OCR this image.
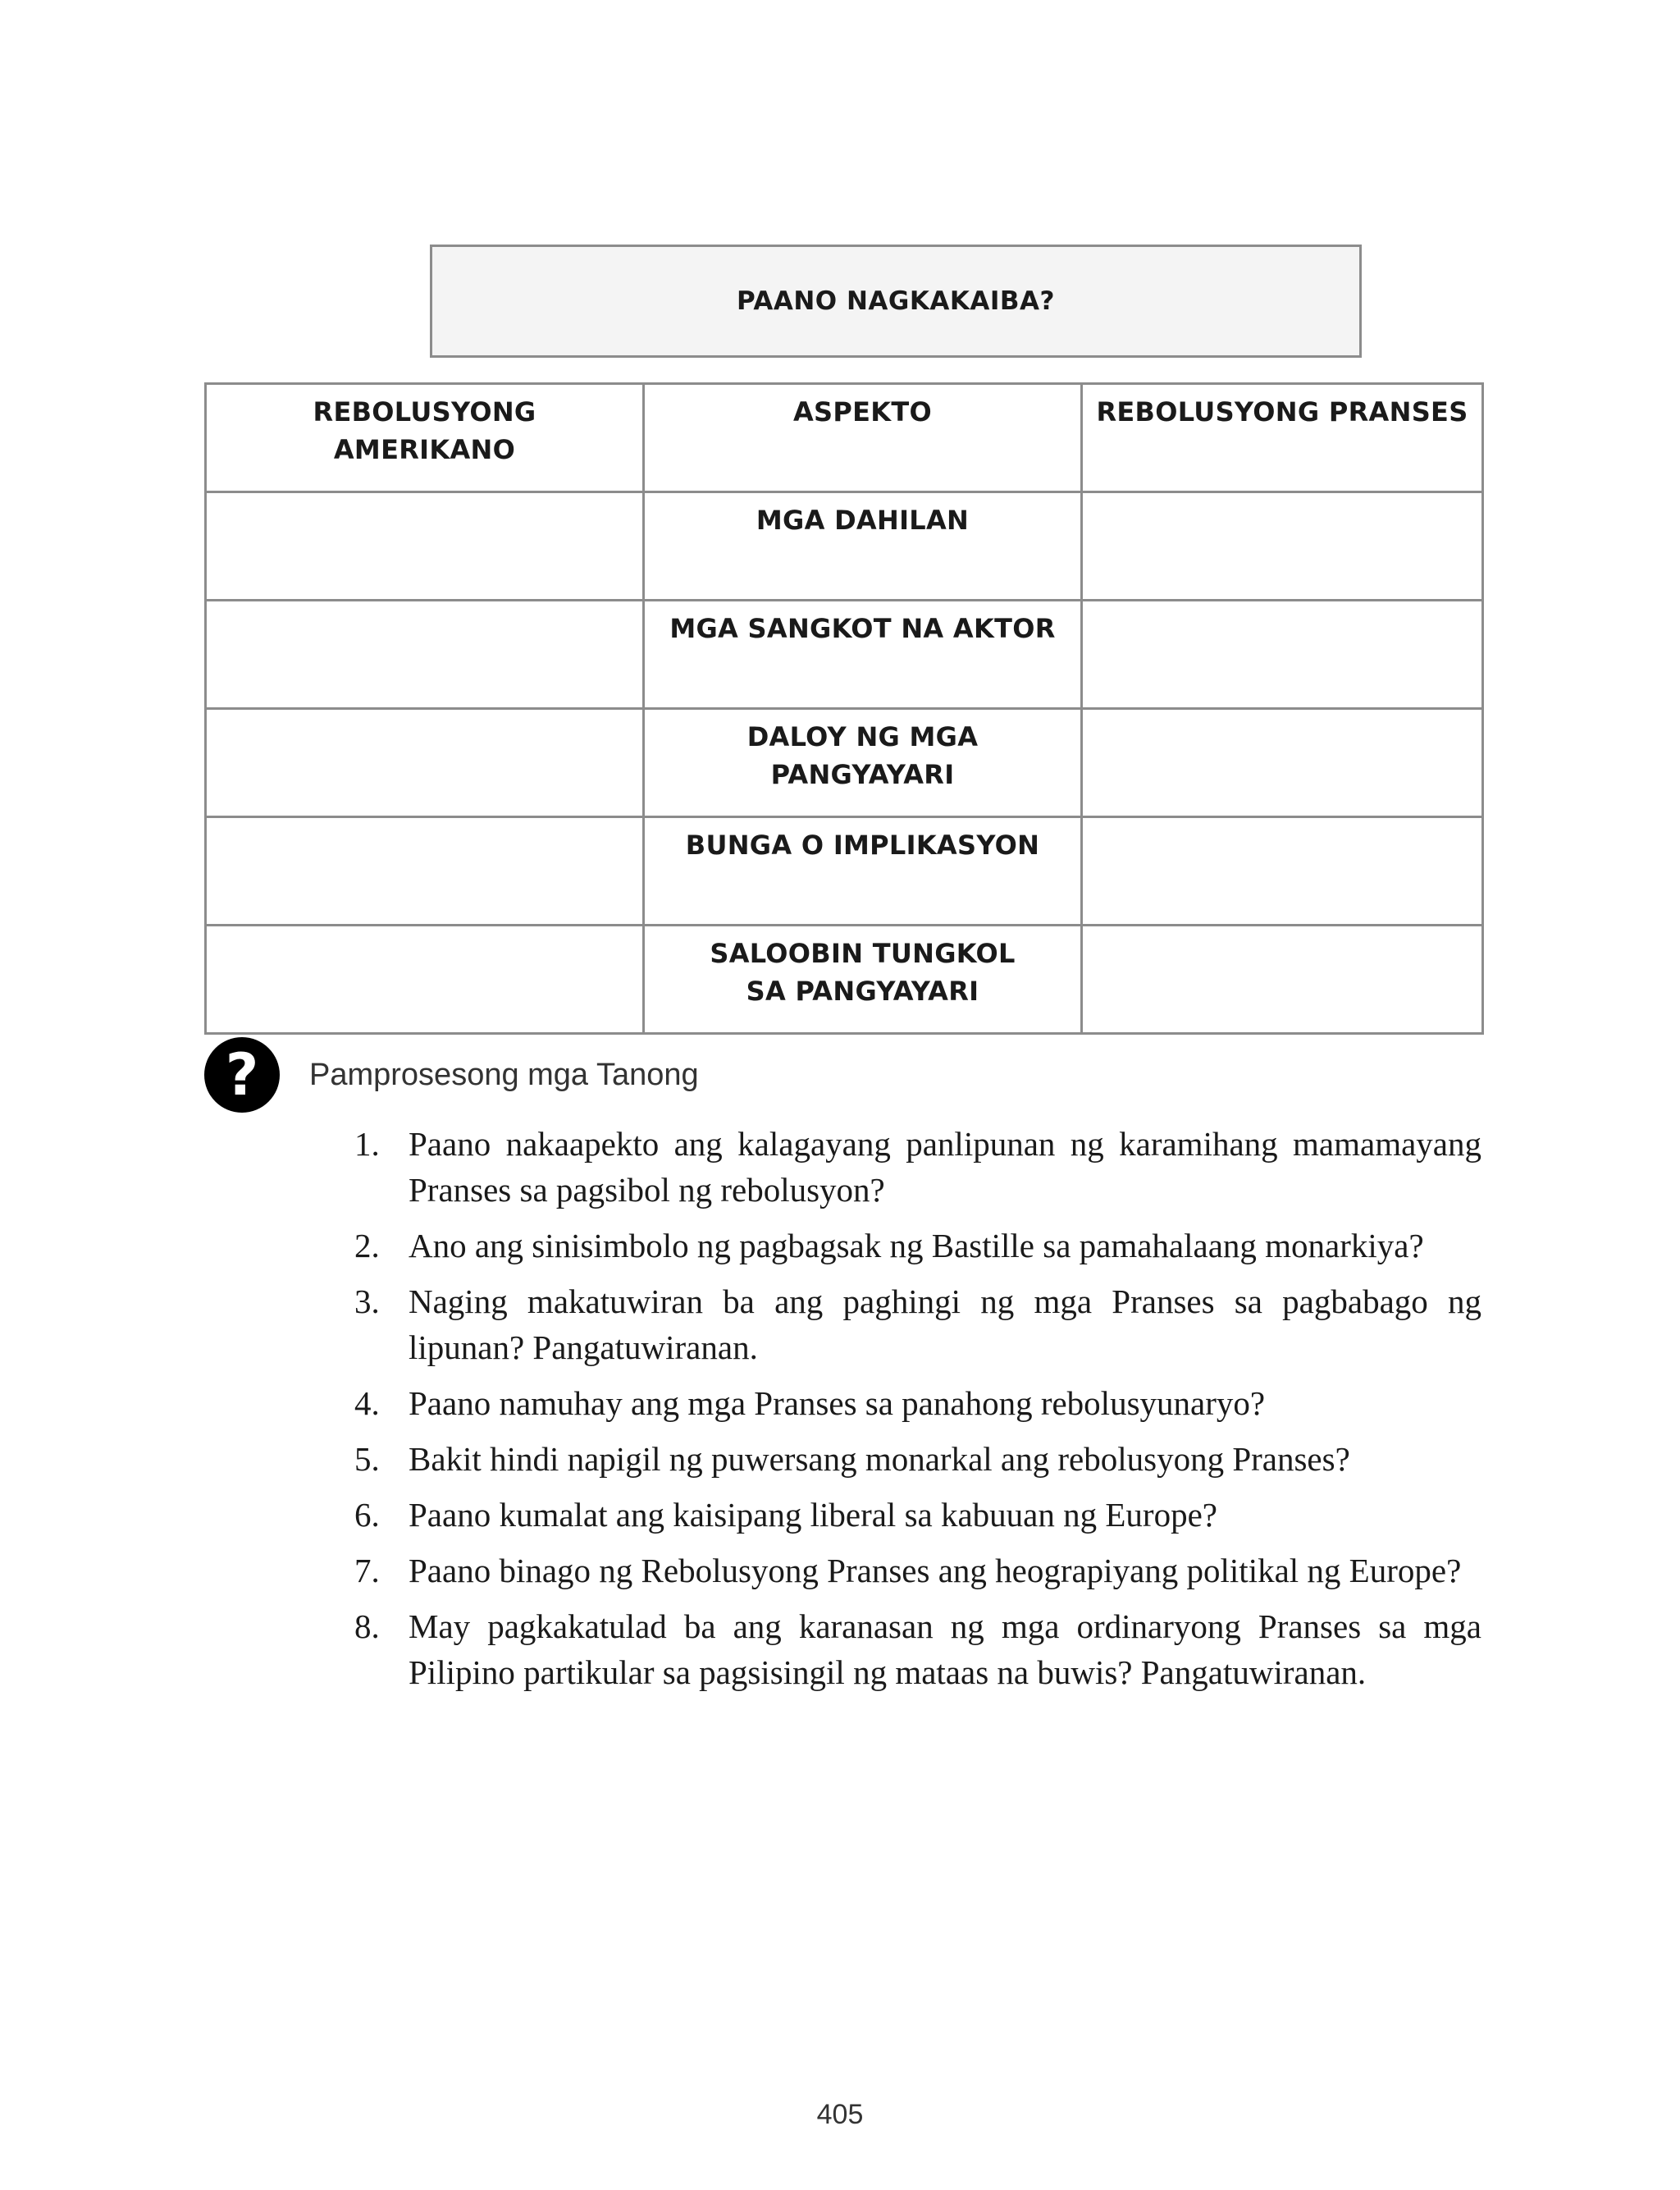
PAANO NAGKAKAIBA?
REBOLUSYONG AMERIKANO	ASPEKTO	REBOLUSYONG PRANSES
	MGA DAHILAN	
	MGA SANGKOT NA AKTOR	
	DALOY NG MGA PANGYAYARI	
	BUNGA O IMPLIKASYON	
	SALOOBIN TUNGKOL SA PANGYAYARI	
?	Pamprosesong mga Tanong
1. Paano nakaapekto ang kalagayang panlipunan ng karamihang mamamayang Pranses sa pagsibol ng rebolusyon?
2. Ano ang sinisimbolo ng pagbagsak ng Bastille sa pamahalaang monarkiya?
3. Naging makatuwiran ba ang paghingi ng mga Pranses sa pagbabago ng lipunan? Pangatuwiranan.
4. Paano namuhay ang mga Pranses sa panahong rebolusyunaryo?
5. Bakit hindi napigil ng puwersang monarkal ang rebolusyong Pranses?
6. Paano kumalat ang kaisipang liberal sa kabuuan ng Europe?
7. Paano binago ng Rebolusyong Pranses ang heograpiyang politikal ng Europe?
8. May pagkakatulad ba ang karanasan ng mga ordinaryong Pranses sa mga Pilipino partikular sa pagsisingil ng mataas na buwis? Pangatuwiranan.
405
